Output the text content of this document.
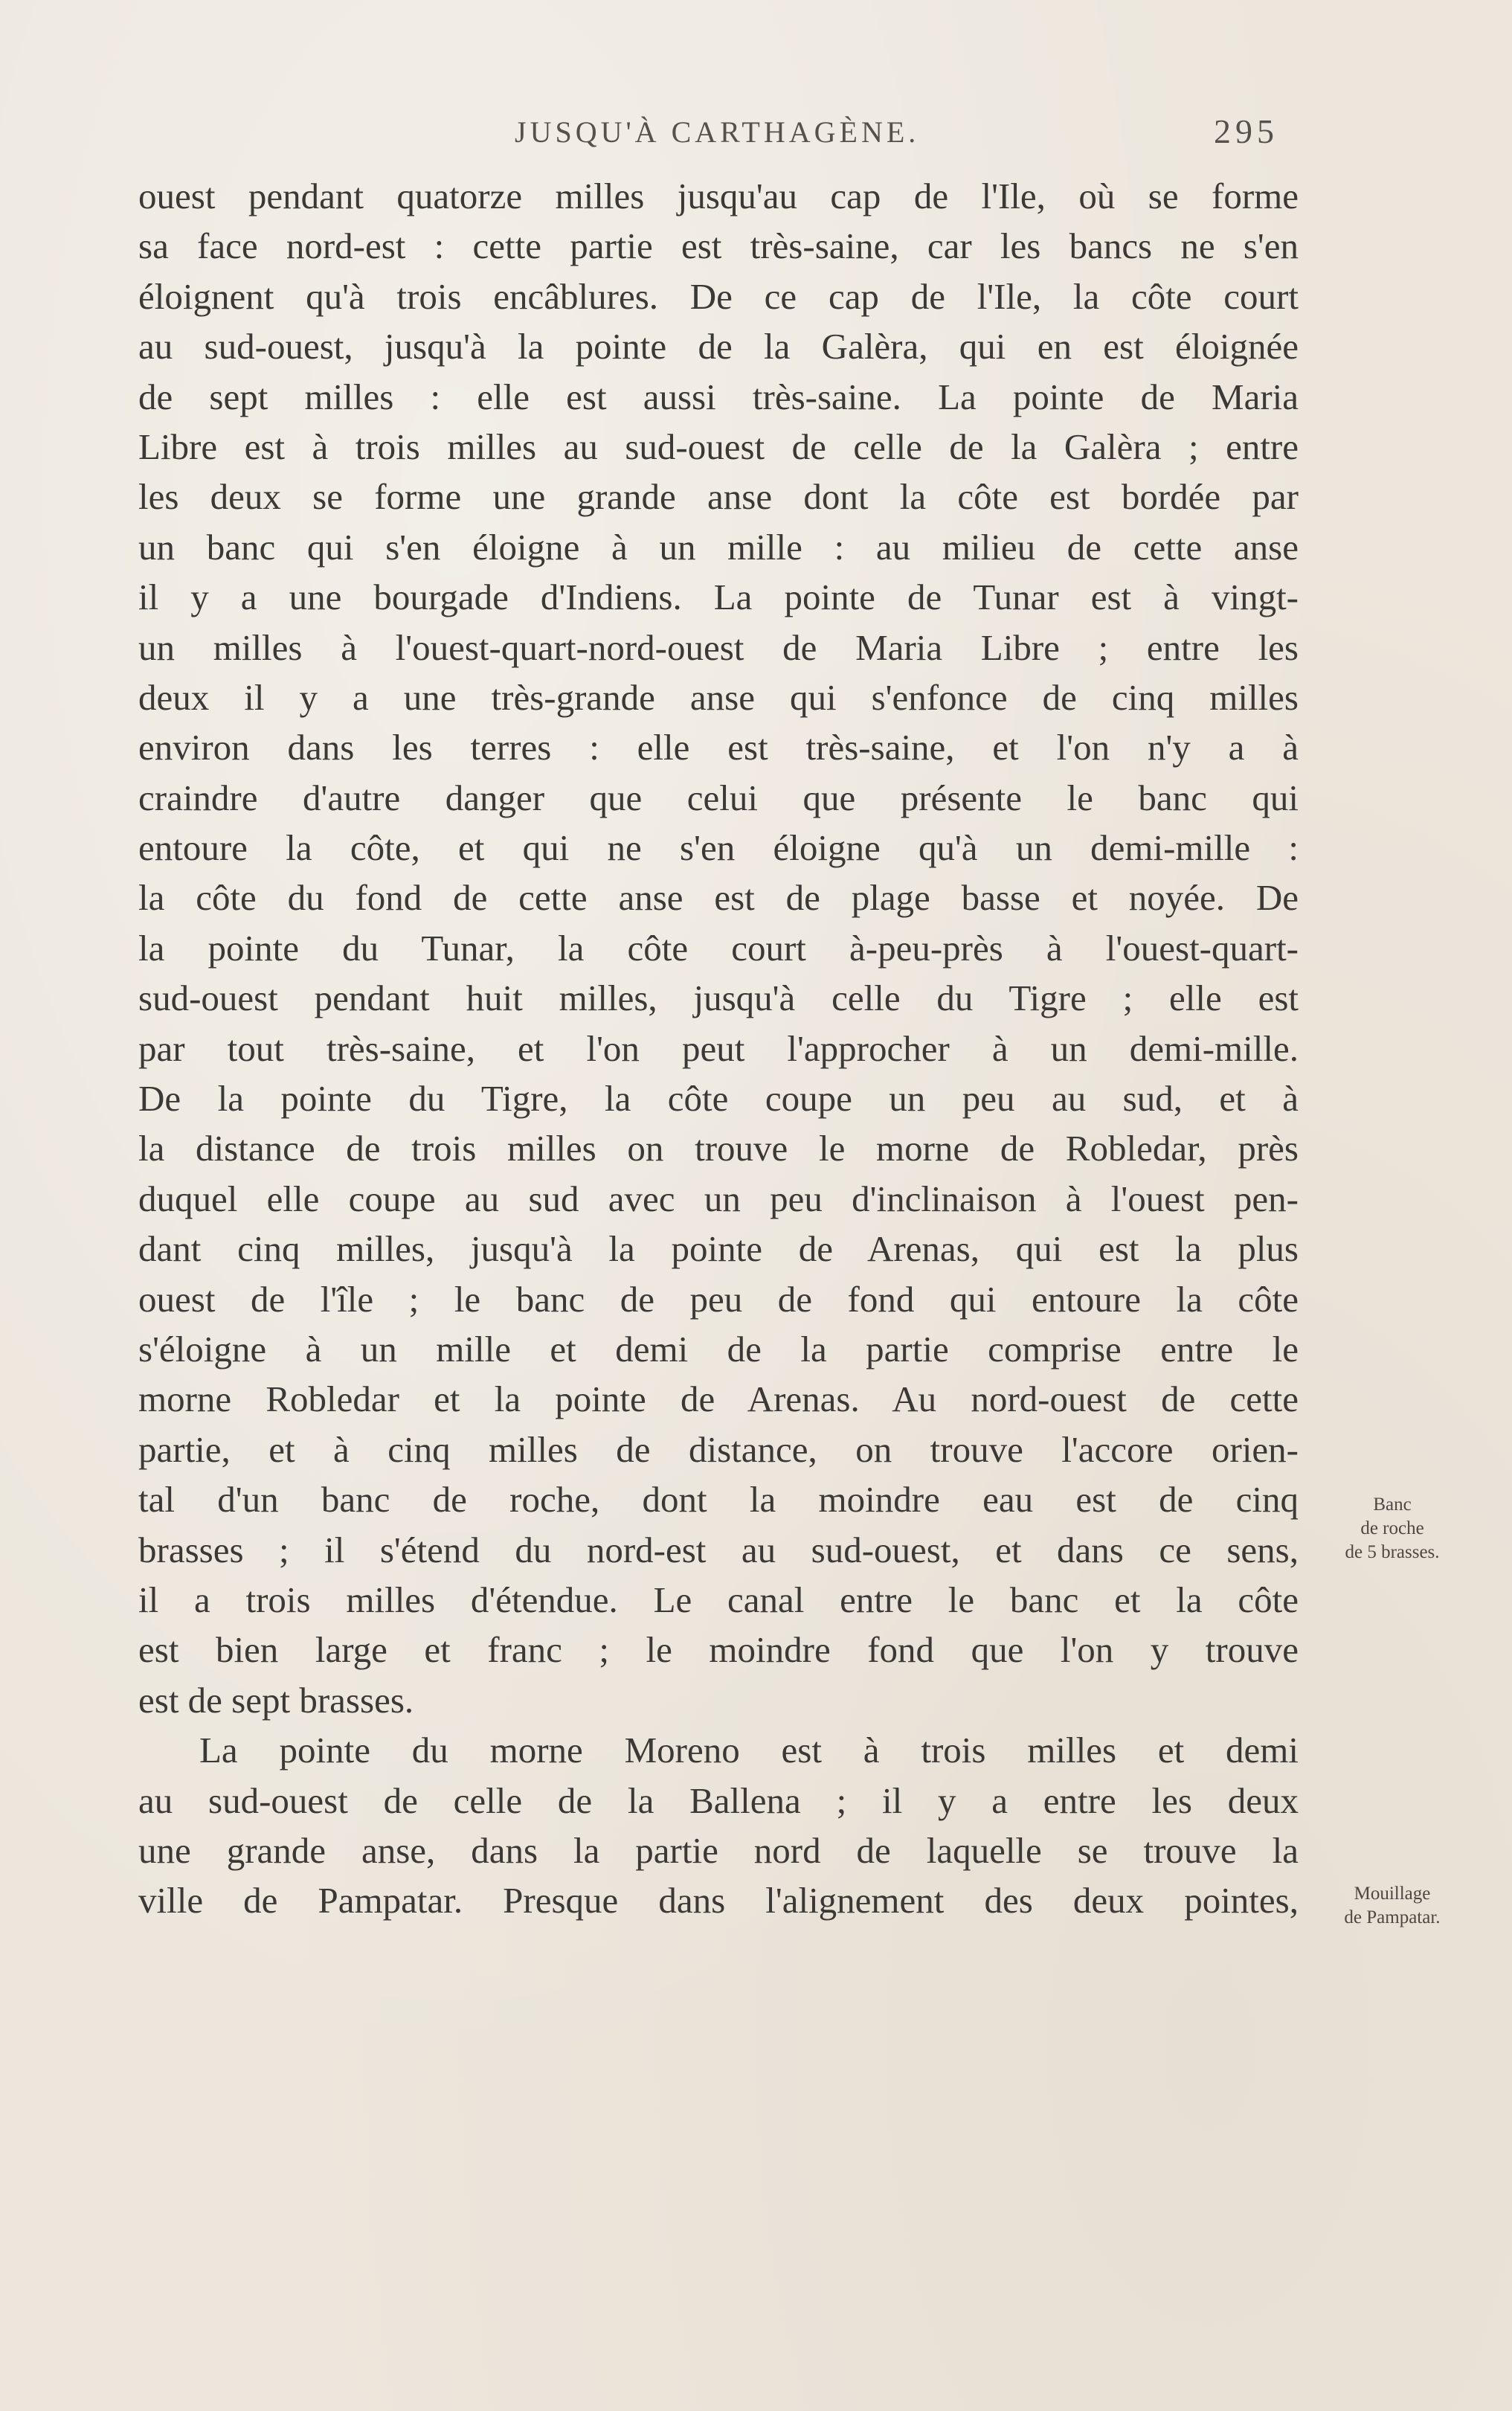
JUSQU'À CARTHAGÈNE.	295
ouest pendant quatorze milles jusqu'au cap de l'Ile, où se forme
sa face nord-est : cette partie est très-saine, car les bancs ne s'en
éloignent qu'à trois encâblures. De ce cap de l'Ile, la côte court
au sud-ouest, jusqu'à la pointe de la Galèra, qui en est éloignée
de sept milles : elle est aussi très-saine. La pointe de Maria
Libre est à trois milles au sud-ouest de celle de la Galèra ; entre
les deux se forme une grande anse dont la côte est bordée par
un banc qui s'en éloigne à un mille : au milieu de cette anse
il y a une bourgade d'Indiens. La pointe de Tunar est à vingt-
un milles à l'ouest-quart-nord-ouest de Maria Libre ; entre les
deux il y a une très-grande anse qui s'enfonce de cinq milles
environ dans les terres : elle est très-saine, et l'on n'y a à
craindre d'autre danger que celui que présente le banc qui
entoure la côte, et qui ne s'en éloigne qu'à un demi-mille :
la côte du fond de cette anse est de plage basse et noyée. De
la pointe du Tunar, la côte court à-peu-près à l'ouest-quart-
sud-ouest pendant huit milles, jusqu'à celle du Tigre ; elle est
par tout très-saine, et l'on peut l'approcher à un demi-mille.
De la pointe du Tigre, la côte coupe un peu au sud, et à
la distance de trois milles on trouve le morne de Robledar, près
duquel elle coupe au sud avec un peu d'inclinaison à l'ouest pen-
dant cinq milles, jusqu'à la pointe de Arenas, qui est la plus
ouest de l'île ; le banc de peu de fond qui entoure la côte
s'éloigne à un mille et demi de la partie comprise entre le
morne Robledar et la pointe de Arenas. Au nord-ouest de cette
partie, et à cinq milles de distance, on trouve l'accore orien-
tal d'un banc de roche, dont la moindre eau est de cinq
brasses ; il s'étend du nord-est au sud-ouest, et dans ce sens,
il a trois milles d'étendue. Le canal entre le banc et la côte
est bien large et franc ; le moindre fond que l'on y trouve
est de sept brasses.
La pointe du morne Moreno est à trois milles et demi
au sud-ouest de celle de la Ballena ; il y a entre les deux
une grande anse, dans la partie nord de laquelle se trouve la
ville de Pampatar. Presque dans l'alignement des deux pointes,
Banc
de roche
de 5 brasses.
Mouillage
de Pampatar.
